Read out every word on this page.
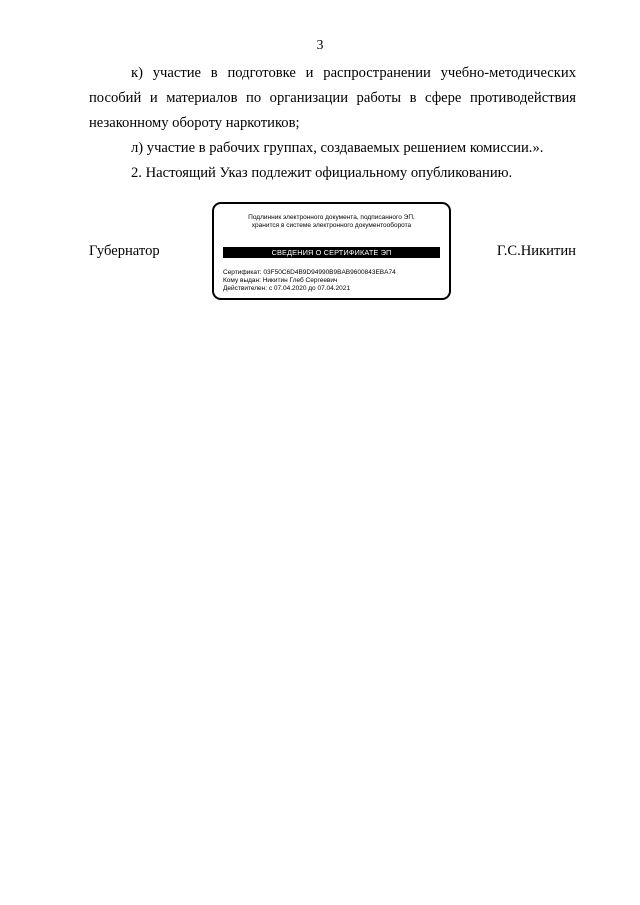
3

к) участие в подготовке и распространении учебно-методических пособий и материалов по организации работы в сфере противодействия незаконному обороту наркотиков;

л) участие в рабочих группах, создаваемых решением комиссии.».

2. Настоящий Указ подлежит официальному опубликованию.

Губернатор
Подлинник электронного документа, подписанного ЭП,
хранится в системе электронного документооборота
СВЕДЕНИЯ О СЕРТИФИКАТЕ ЭП
Сертификат: 03F50C6D4B9D94990B9BAB9600843EBA74
Кому выдан: Никитин Глеб Сергеевич
Действителен: с 07.04.2020 до 07.04.2021
Г.С.Никитин
